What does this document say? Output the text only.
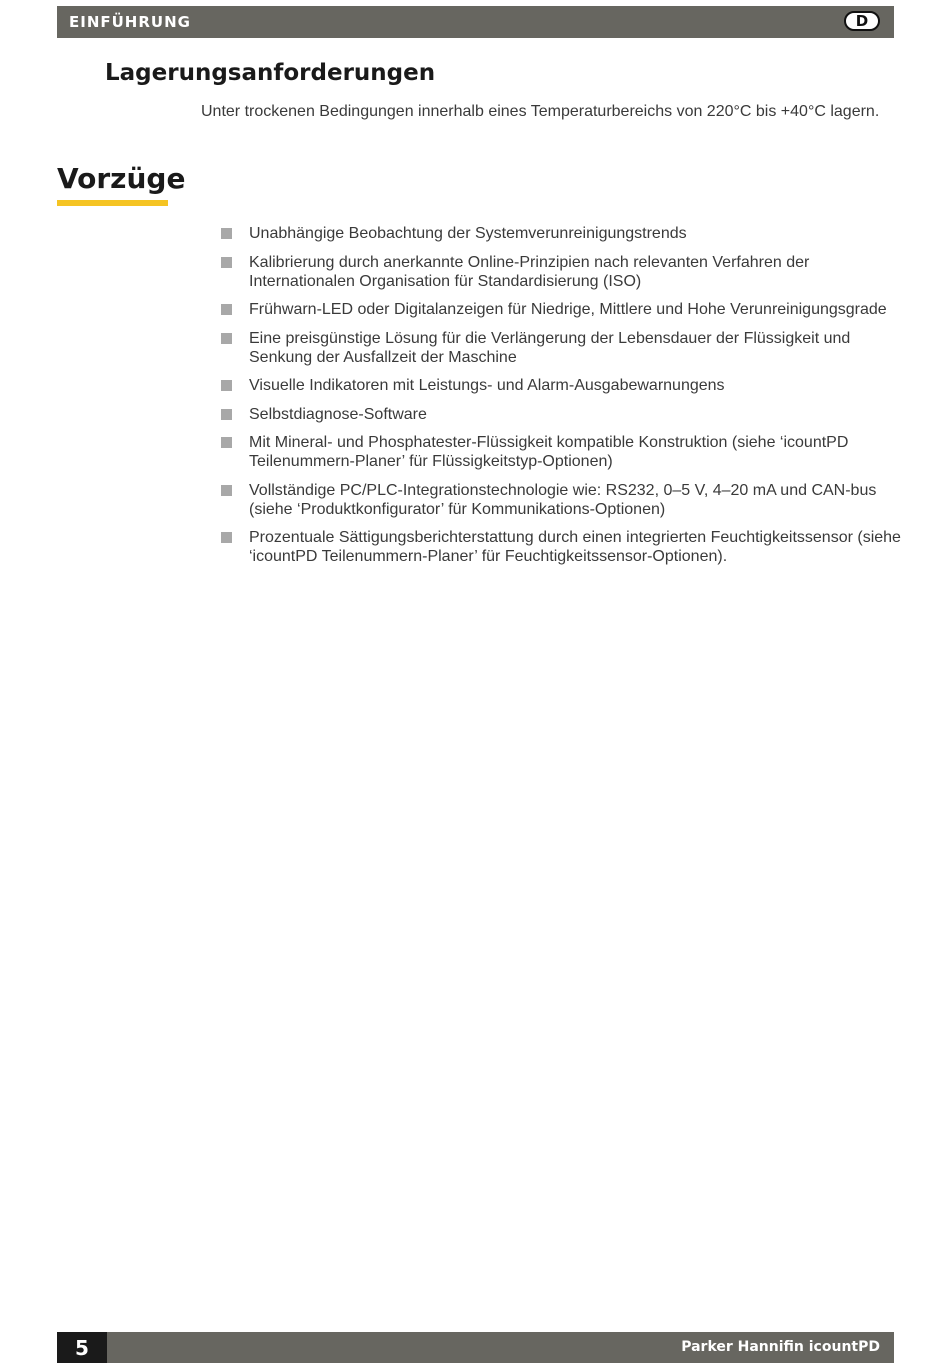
EINFÜHRUNG	D
Lagerungsanforderungen

Unter trockenen Bedingungen innerhalb eines Temperaturbereichs von 220°C bis +40°C lagern.

Vorzüge
Unabhängige Beobachtung der Systemverunreinigungstrends
Kalibrierung durch anerkannte Online-Prinzipien nach relevanten Verfahren der Internationalen Organisation für Standardisierung (ISO)
Frühwarn-LED oder Digitalanzeigen für Niedrige, Mittlere und Hohe Verunreinigungsgrade
Eine preisgünstige Lösung für die Verlängerung der Lebensdauer der Flüssigkeit und Senkung der Ausfallzeit der Maschine
Visuelle Indikatoren mit Leistungs- und Alarm-Ausgabewarnungens
Selbstdiagnose-Software
Mit Mineral- und Phosphatester-Flüssigkeit kompatible Konstruktion (siehe ‘icountPD Teilenummern-Planer’ für Flüssigkeitstyp-Optionen)
Vollständige PC/PLC-Integrationstechnologie wie: RS232, 0–5 V, 4–20 mA und CAN-bus (siehe ‘Produktkonfigurator’ für Kommunikations-Optionen)
Prozentuale Sättigungsberichterstattung durch einen integrierten Feuchtigkeitssensor (siehe ‘icountPD Teilenummern-Planer’ für Feuchtigkeitssensor-Optionen).
5	Parker Hannifin icountPD
